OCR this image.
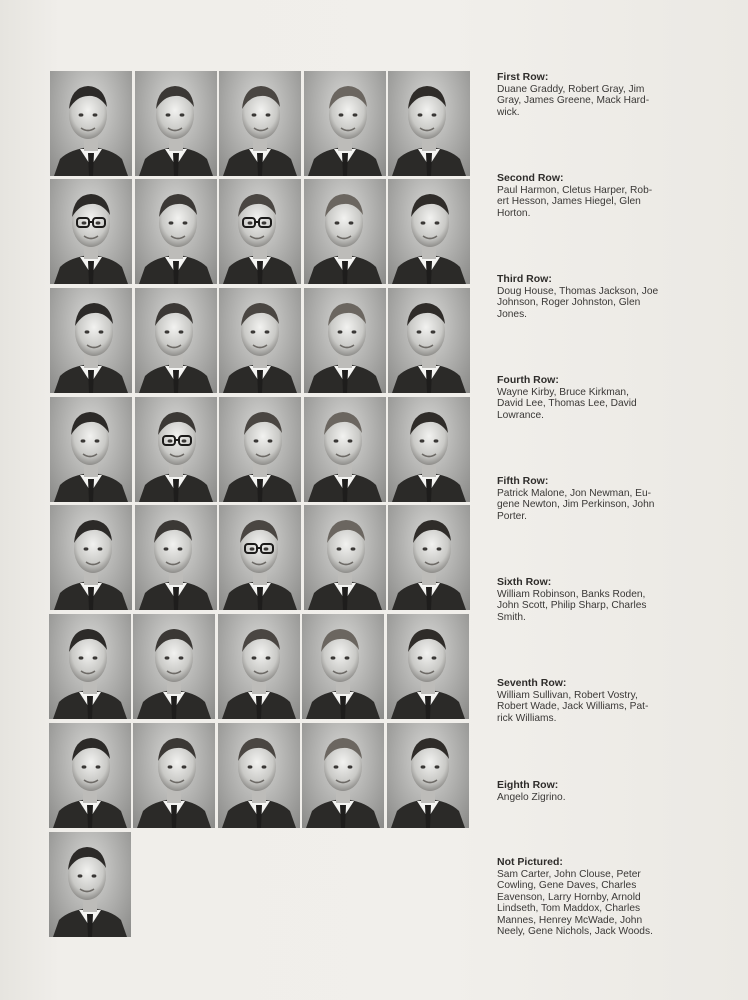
First Row:
Duane Graddy, Robert Gray, Jim
Gray, James Greene, Mack Hard-
wick.
Second Row:
Paul Harmon, Cletus Harper, Rob-
ert Hesson, James Hiegel, Glen
Horton.
Third Row:
Doug House, Thomas Jackson, Joe
Johnson, Roger Johnston, Glen
Jones.
Fourth Row:
Wayne Kirby, Bruce Kirkman,
David Lee, Thomas Lee, David
Lowrance.
Fifth Row:
Patrick Malone, Jon Newman, Eu-
gene Newton, Jim Perkinson, John
Porter.
Sixth Row:
William Robinson, Banks Roden,
John Scott, Philip Sharp, Charles
Smith.
Seventh Row:
William Sullivan, Robert Vostry,
Robert Wade, Jack Williams, Pat-
rick Williams.
Eighth Row:
Angelo Zigrino.
Not Pictured:
Sam Carter, John Clouse, Peter
Cowling, Gene Daves, Charles
Eavenson, Larry Hornby, Arnold
Lindseth, Tom Maddox, Charles
Mannes, Henrey McWade, John
Neely, Gene Nichols, Jack Woods.
